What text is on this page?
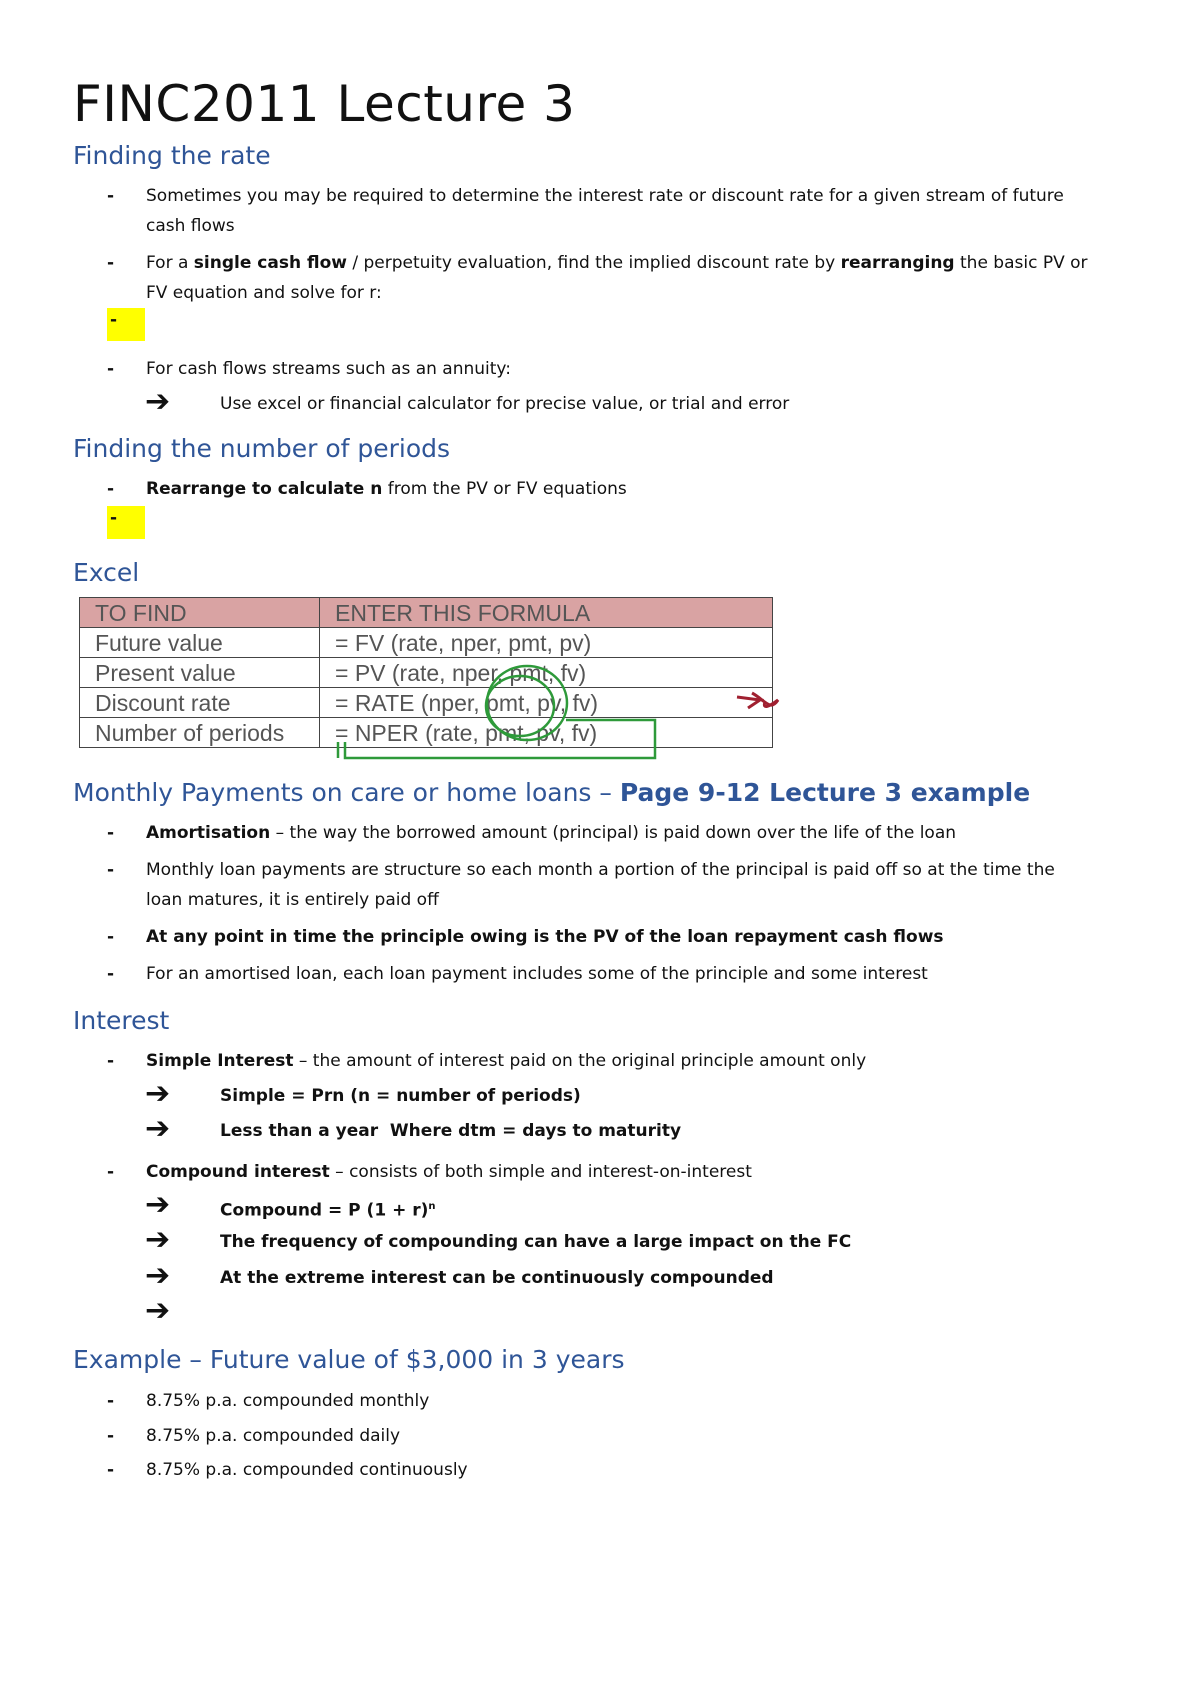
FINC2011 Lecture 3
Finding the rate
-	Sometimes you may be required to determine the interest rate or discount rate for a given stream of future
cash flows
-	For a single cash flow / perpetuity evaluation, find the implied discount rate by rearranging the basic PV or
FV equation and solve for r:
-
-	For cash flows streams such as an annuity:
➔	Use excel or financial calculator for precise value, or trial and error
Finding the number of periods
-	Rearrange to calculate n from the PV or FV equations
-
Excel
TO FIND	ENTER THIS FORMULA
Future value	= FV (rate, nper, pmt, pv)
Present value	= PV (rate, nper, pmt, fv)
Discount rate	= RATE (nper, pmt, pv, fv)
Number of periods	= NPER (rate, pmt, pv, fv)
Monthly Payments on care or home loans – Page 9-12 Lecture 3 example
-	Amortisation – the way the borrowed amount (principal) is paid down over the life of the loan
-	Monthly loan payments are structure so each month a portion of the principal is paid off so at the time the
loan matures, it is entirely paid off
-	At any point in time the principle owing is the PV of the loan repayment cash flows
-	For an amortised loan, each loan payment includes some of the principle and some interest
Interest
-	Simple Interest – the amount of interest paid on the original principle amount only
➔	Simple = Prn (n = number of periods)
➔	Less than a year  Where dtm = days to maturity
-	Compound interest – consists of both simple and interest-on-interest
➔	Compound = P $(1 + r)^n$
➔	The frequency of compounding can have a large impact on the FC
➔	At the extreme interest can be continuously compounded
➔
Example – Future value of $3,000 in 3 years
-	8.75% p.a. compounded monthly
-	8.75% p.a. compounded daily
-	8.75% p.a. compounded continuously
